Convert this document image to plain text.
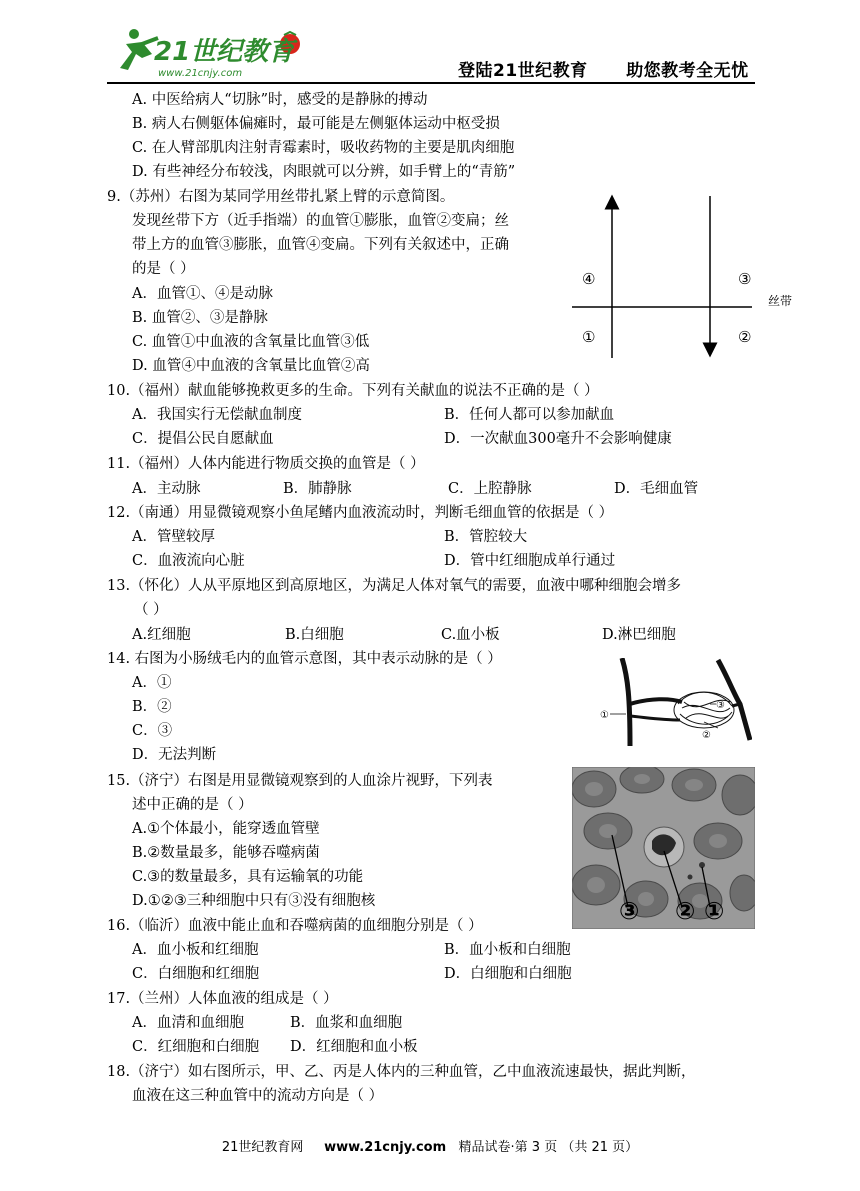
21世纪教育
www.21cnjy.com	登陆21世纪教育 助您教考全无忧
A. 中医给病人“切脉”时，感受的是静脉的搏动
B. 病人右侧躯体偏瘫时，最可能是左侧躯体运动中枢受损
C. 在人臂部肌肉注射青霉素时，吸收药物的主要是肌肉细胞
D. 有些神经分布较浅，肉眼就可以分辨，如手臂上的“青筋”
9.（苏州）右图为某同学用丝带扎紧上臂的示意简图。
发现丝带下方（近手指端）的血管①膨胀，血管②变扁；丝
带上方的血管③膨胀，血管④变扁。下列有关叙述中，正确
的是（ ）
A．血管①、④是动脉
B. 血管②、③是静脉
C. 血管①中血液的含氧量比血管③低
D. 血管④中血液的含氧量比血管②高
④	③
①	②
丝带
10.（福州）献血能够挽救更多的生命。下列有关献血的说法不正确的是（ ）
A．我国实行无偿献血制度	B．任何人都可以参加献血
C．提倡公民自愿献血	D．一次献血300毫升不会影响健康
11.（福州）人体内能进行物质交换的血管是（ ）
A．主动脉	B．肺静脉	C．上腔静脉	D．毛细血管
12.（南通）用显微镜观察小鱼尾鳍内血液流动时，判断毛细血管的依据是（ ）
A．管壁较厚	B．管腔较大
C．血液流向心脏	D．管中红细胞成单行通过
13.（怀化）人从平原地区到高原地区，为满足人体对氧气的需要，血液中哪种细胞会增多
（ ）
A.红细胞	B.白细胞	C.血小板	D.淋巴细胞
14. 右图为小肠绒毛内的血管示意图，其中表示动脉的是（ ）
A．①
B．②
C．③
D．无法判断
①
②
③
15.（济宁）右图是用显微镜观察到的人血涂片视野，下列表
述中正确的是（ ）
A.①个体最小，能穿透血管壁
B.②数量最多，能够吞噬病菌
C.③的数量最多，具有运输氧的功能
D.①②③三种细胞中只有③没有细胞核	③ ② ①
16.（临沂）血液中能止血和吞噬病菌的血细胞分别是（ ）
A．血小板和红细胞	B．血小板和白细胞
C．白细胞和红细胞	D．白细胞和白细胞
17.（兰州）人体血液的组成是（ ）
A．血清和血细胞	B．血浆和血细胞
C．红细胞和白细胞 D．红细胞和血小板
18.（济宁）如右图所示，甲、乙、丙是人体内的三种血管，乙中血液流速最快，据此判断，
血液在这三种血管中的流动方向是（ ）
21世纪教育网 www.21cnjy.com 精品试卷·第 3 页 （共 21 页）
